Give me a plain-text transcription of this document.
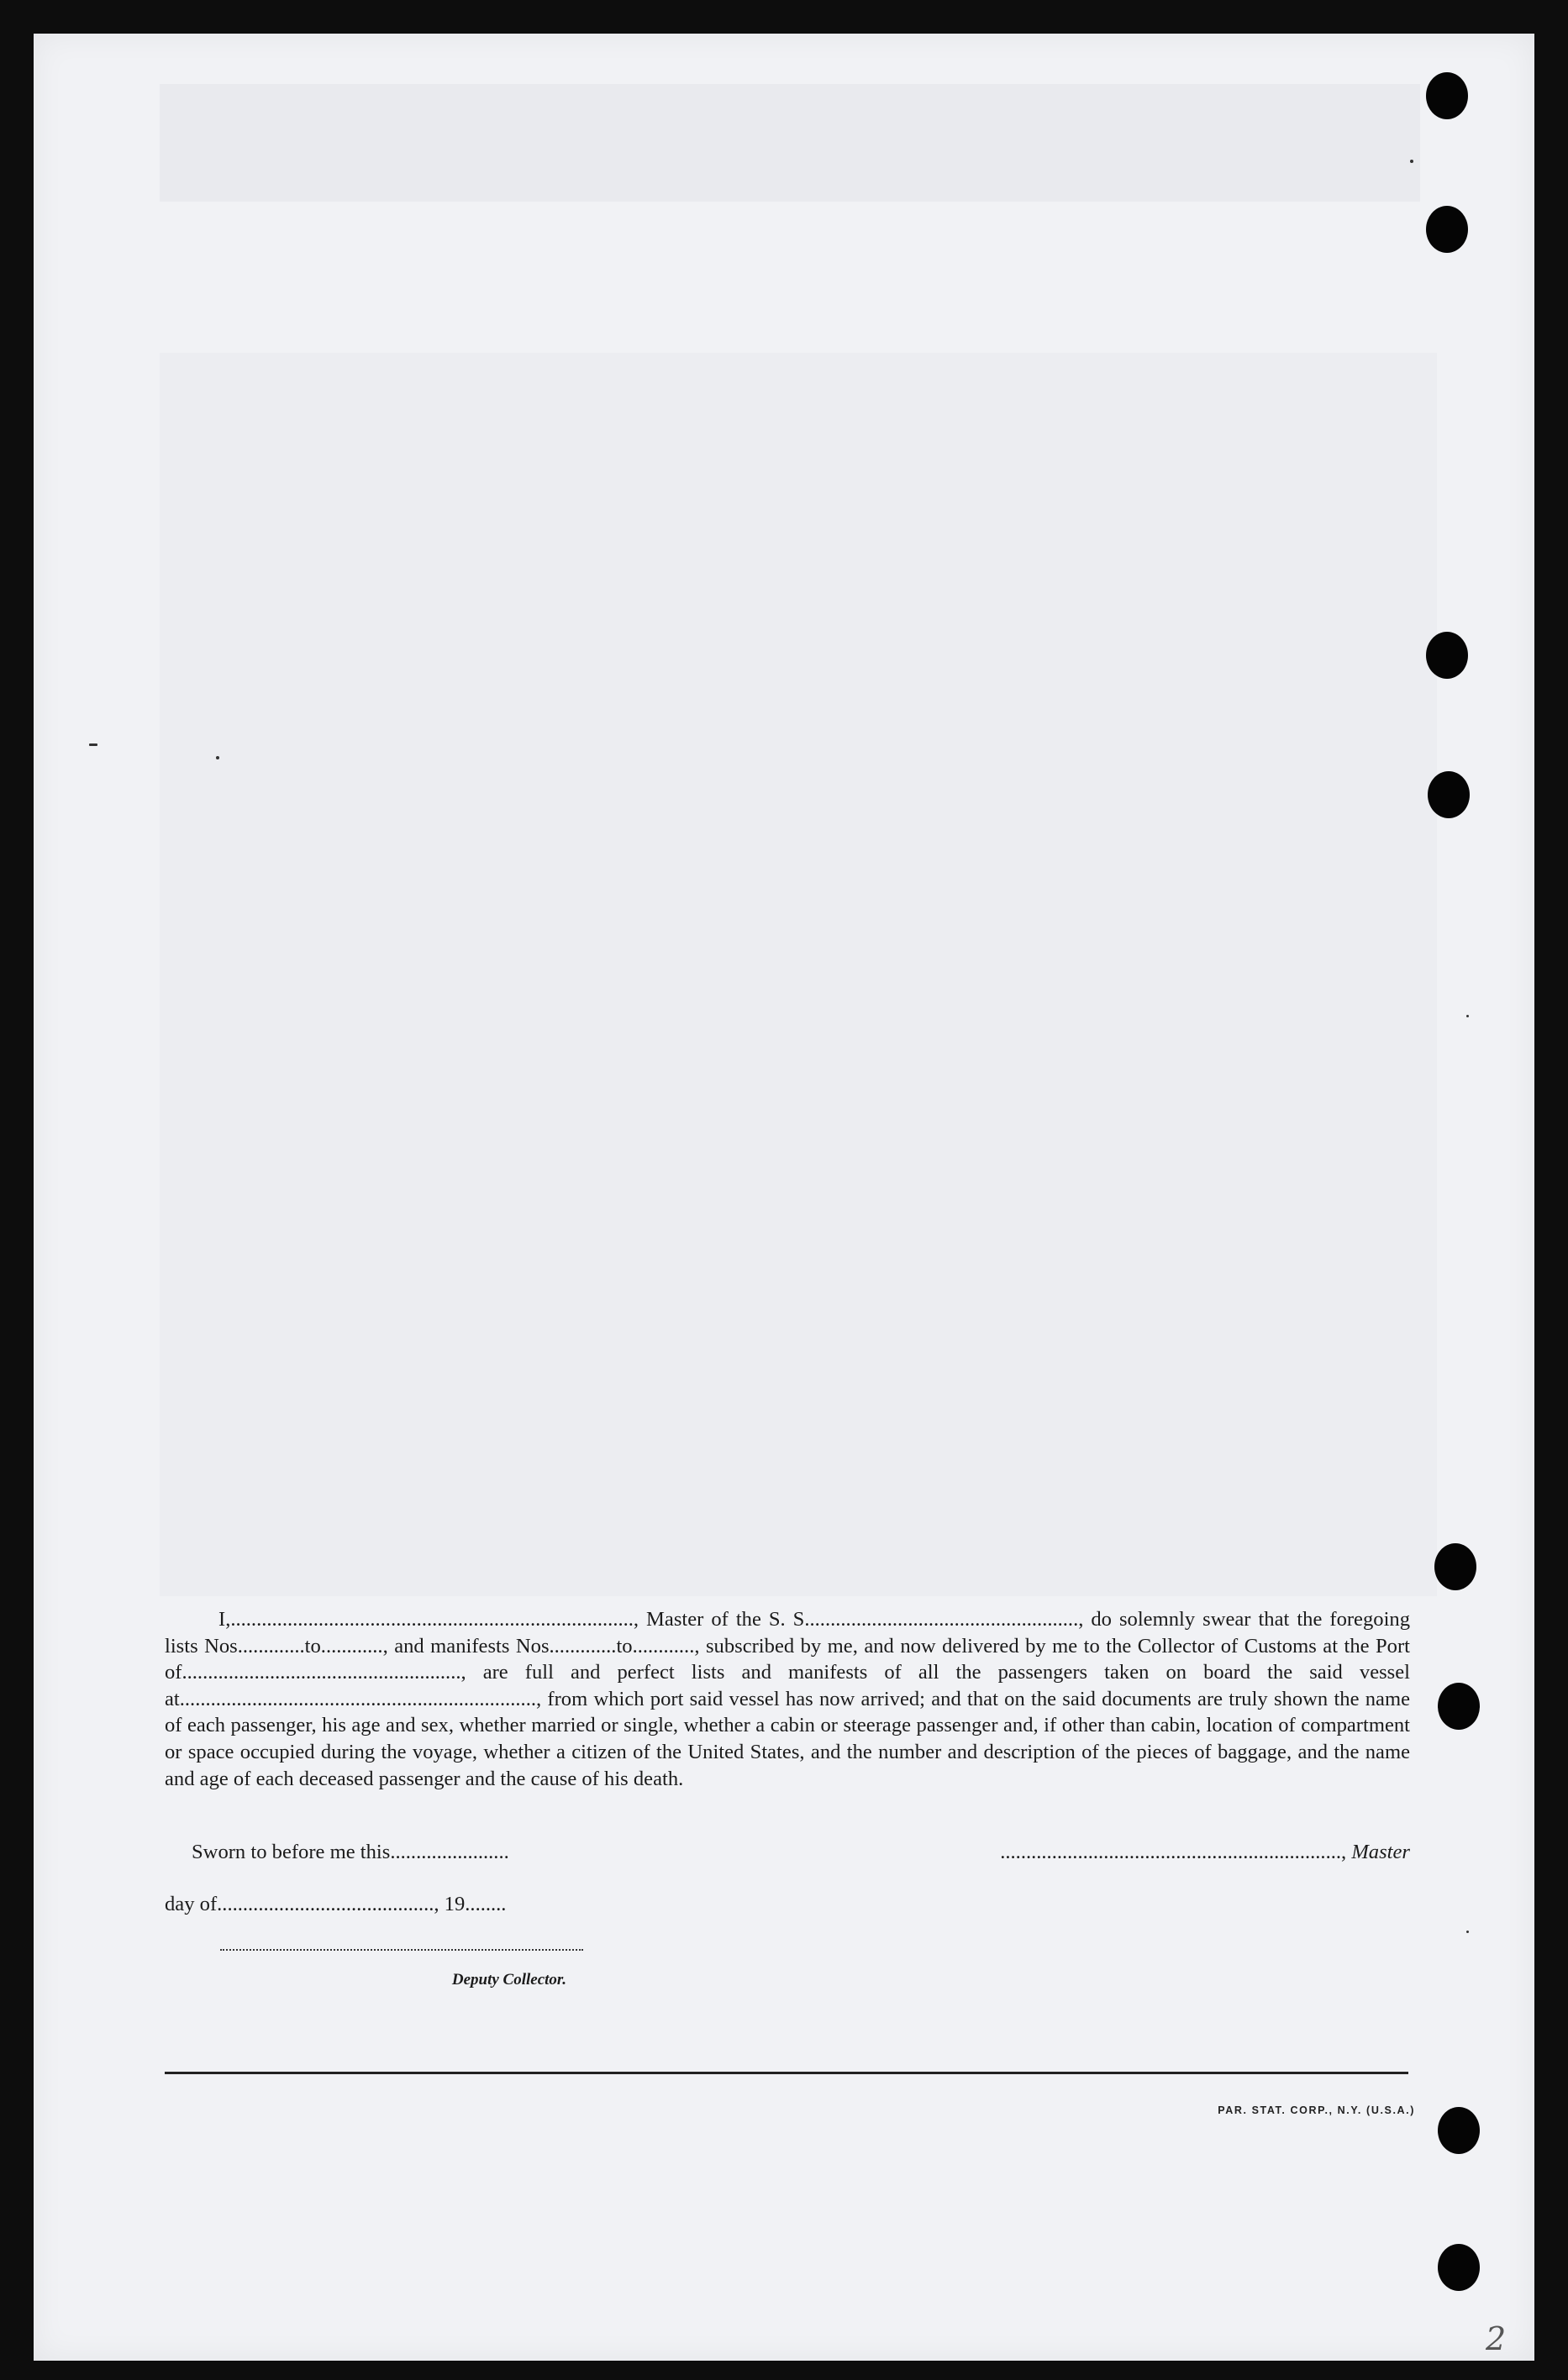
I,.............................................................................., Master of the S. S....................................................., do solemnly swear that the foregoing lists Nos.............to............, and manifests Nos.............to............, subscribed by me, and now delivered by me to the Collector of Customs at the Port of......................................................, are full and perfect lists and manifests of all the passengers taken on board the said vessel at....................................................................., from which port said vessel has now arrived; and that on the said documents are truly shown the name of each passenger, his age and sex, whether married or single, whether a cabin or steerage passenger and, if other than cabin, location of compartment or space occupied during the voyage, whether a citizen of the United States, and the number and description of the pieces of baggage, and the name and age of each deceased passenger and the cause of his death.

Sworn to before me this.......................	.................................................................., Master
day of.........................................., 19........
Deputy Collector.
PAR. STAT. CORP., N.Y. (U.S.A.)
2
